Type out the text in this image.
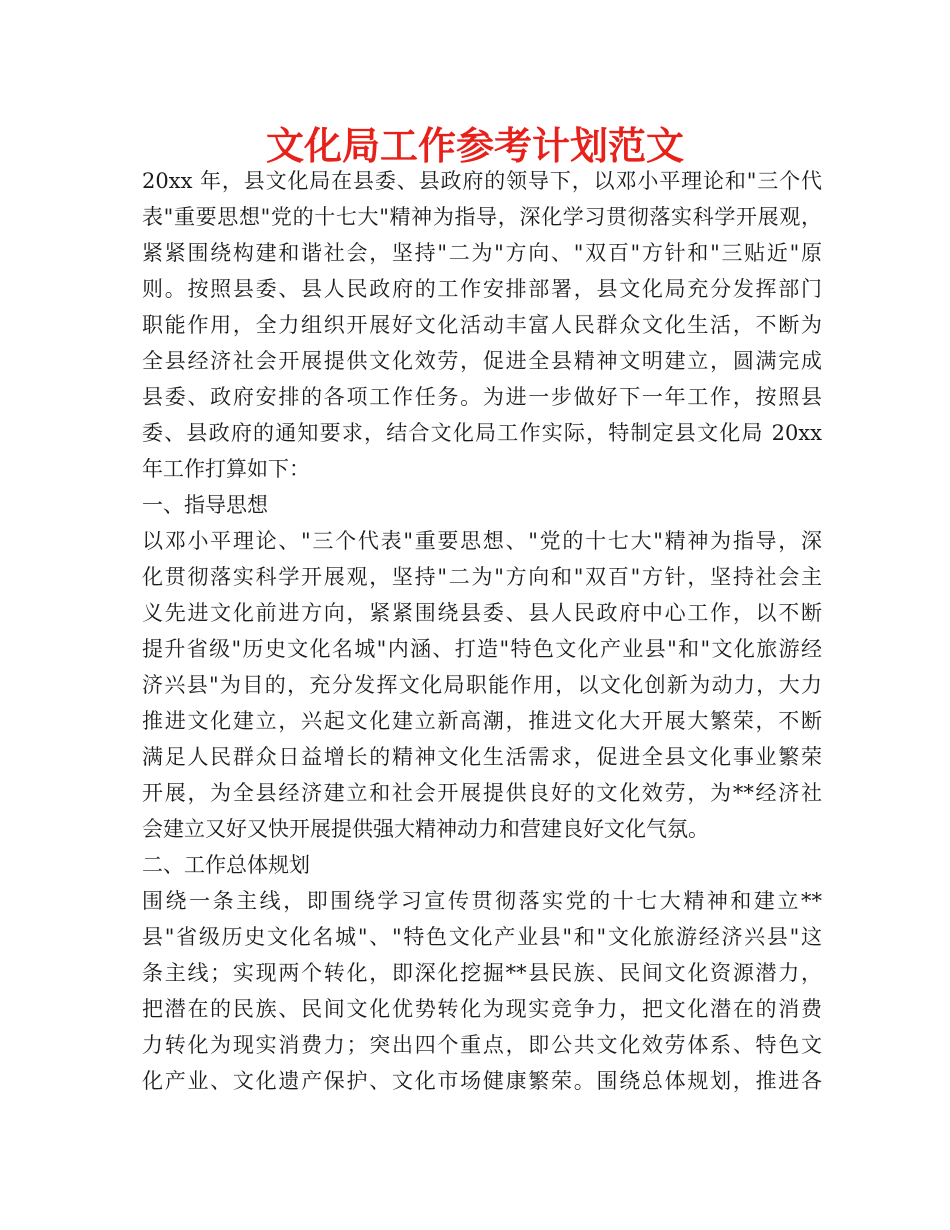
文化局工作参考计划范文
20xx 年，县文化局在县委、县政府的领导下，以邓小平理论和"三个代
表"重要思想"党的十七大"精神为指导，深化学习贯彻落实科学开展观，
紧紧围绕构建和谐社会，坚持"二为"方向、"双百"方针和"三贴近"原
则。按照县委、县人民政府的工作安排部署，县文化局充分发挥部门
职能作用，全力组织开展好文化活动丰富人民群众文化生活，不断为
全县经济社会开展提供文化效劳，促进全县精神文明建立，圆满完成
县委、政府安排的各项工作任务。为进一步做好下一年工作，按照县
委、县政府的通知要求，结合文化局工作实际，特制定县文化局 20xx
年工作打算如下：
一、指导思想
以邓小平理论、"三个代表"重要思想、"党的十七大"精神为指导，深
化贯彻落实科学开展观，坚持"二为"方向和"双百"方针，坚持社会主
义先进文化前进方向，紧紧围绕县委、县人民政府中心工作，以不断
提升省级"历史文化名城"内涵、打造"特色文化产业县"和"文化旅游经
济兴县"为目的，充分发挥文化局职能作用，以文化创新为动力，大力
推进文化建立，兴起文化建立新高潮，推进文化大开展大繁荣，不断
满足人民群众日益增长的精神文化生活需求，促进全县文化事业繁荣
开展，为全县经济建立和社会开展提供良好的文化效劳，为**经济社
会建立又好又快开展提供强大精神动力和营建良好文化气氛。
二、工作总体规划
围绕一条主线，即围绕学习宣传贯彻落实党的十七大精神和建立**
县"省级历史文化名城"、"特色文化产业县"和"文化旅游经济兴县"这
条主线；实现两个转化，即深化挖掘**县民族、民间文化资源潜力，
把潜在的民族、民间文化优势转化为现实竞争力，把文化潜在的消费
力转化为现实消费力；突出四个重点，即公共文化效劳体系、特色文
化产业、文化遗产保护、文化市场健康繁荣。围绕总体规划，推进各
